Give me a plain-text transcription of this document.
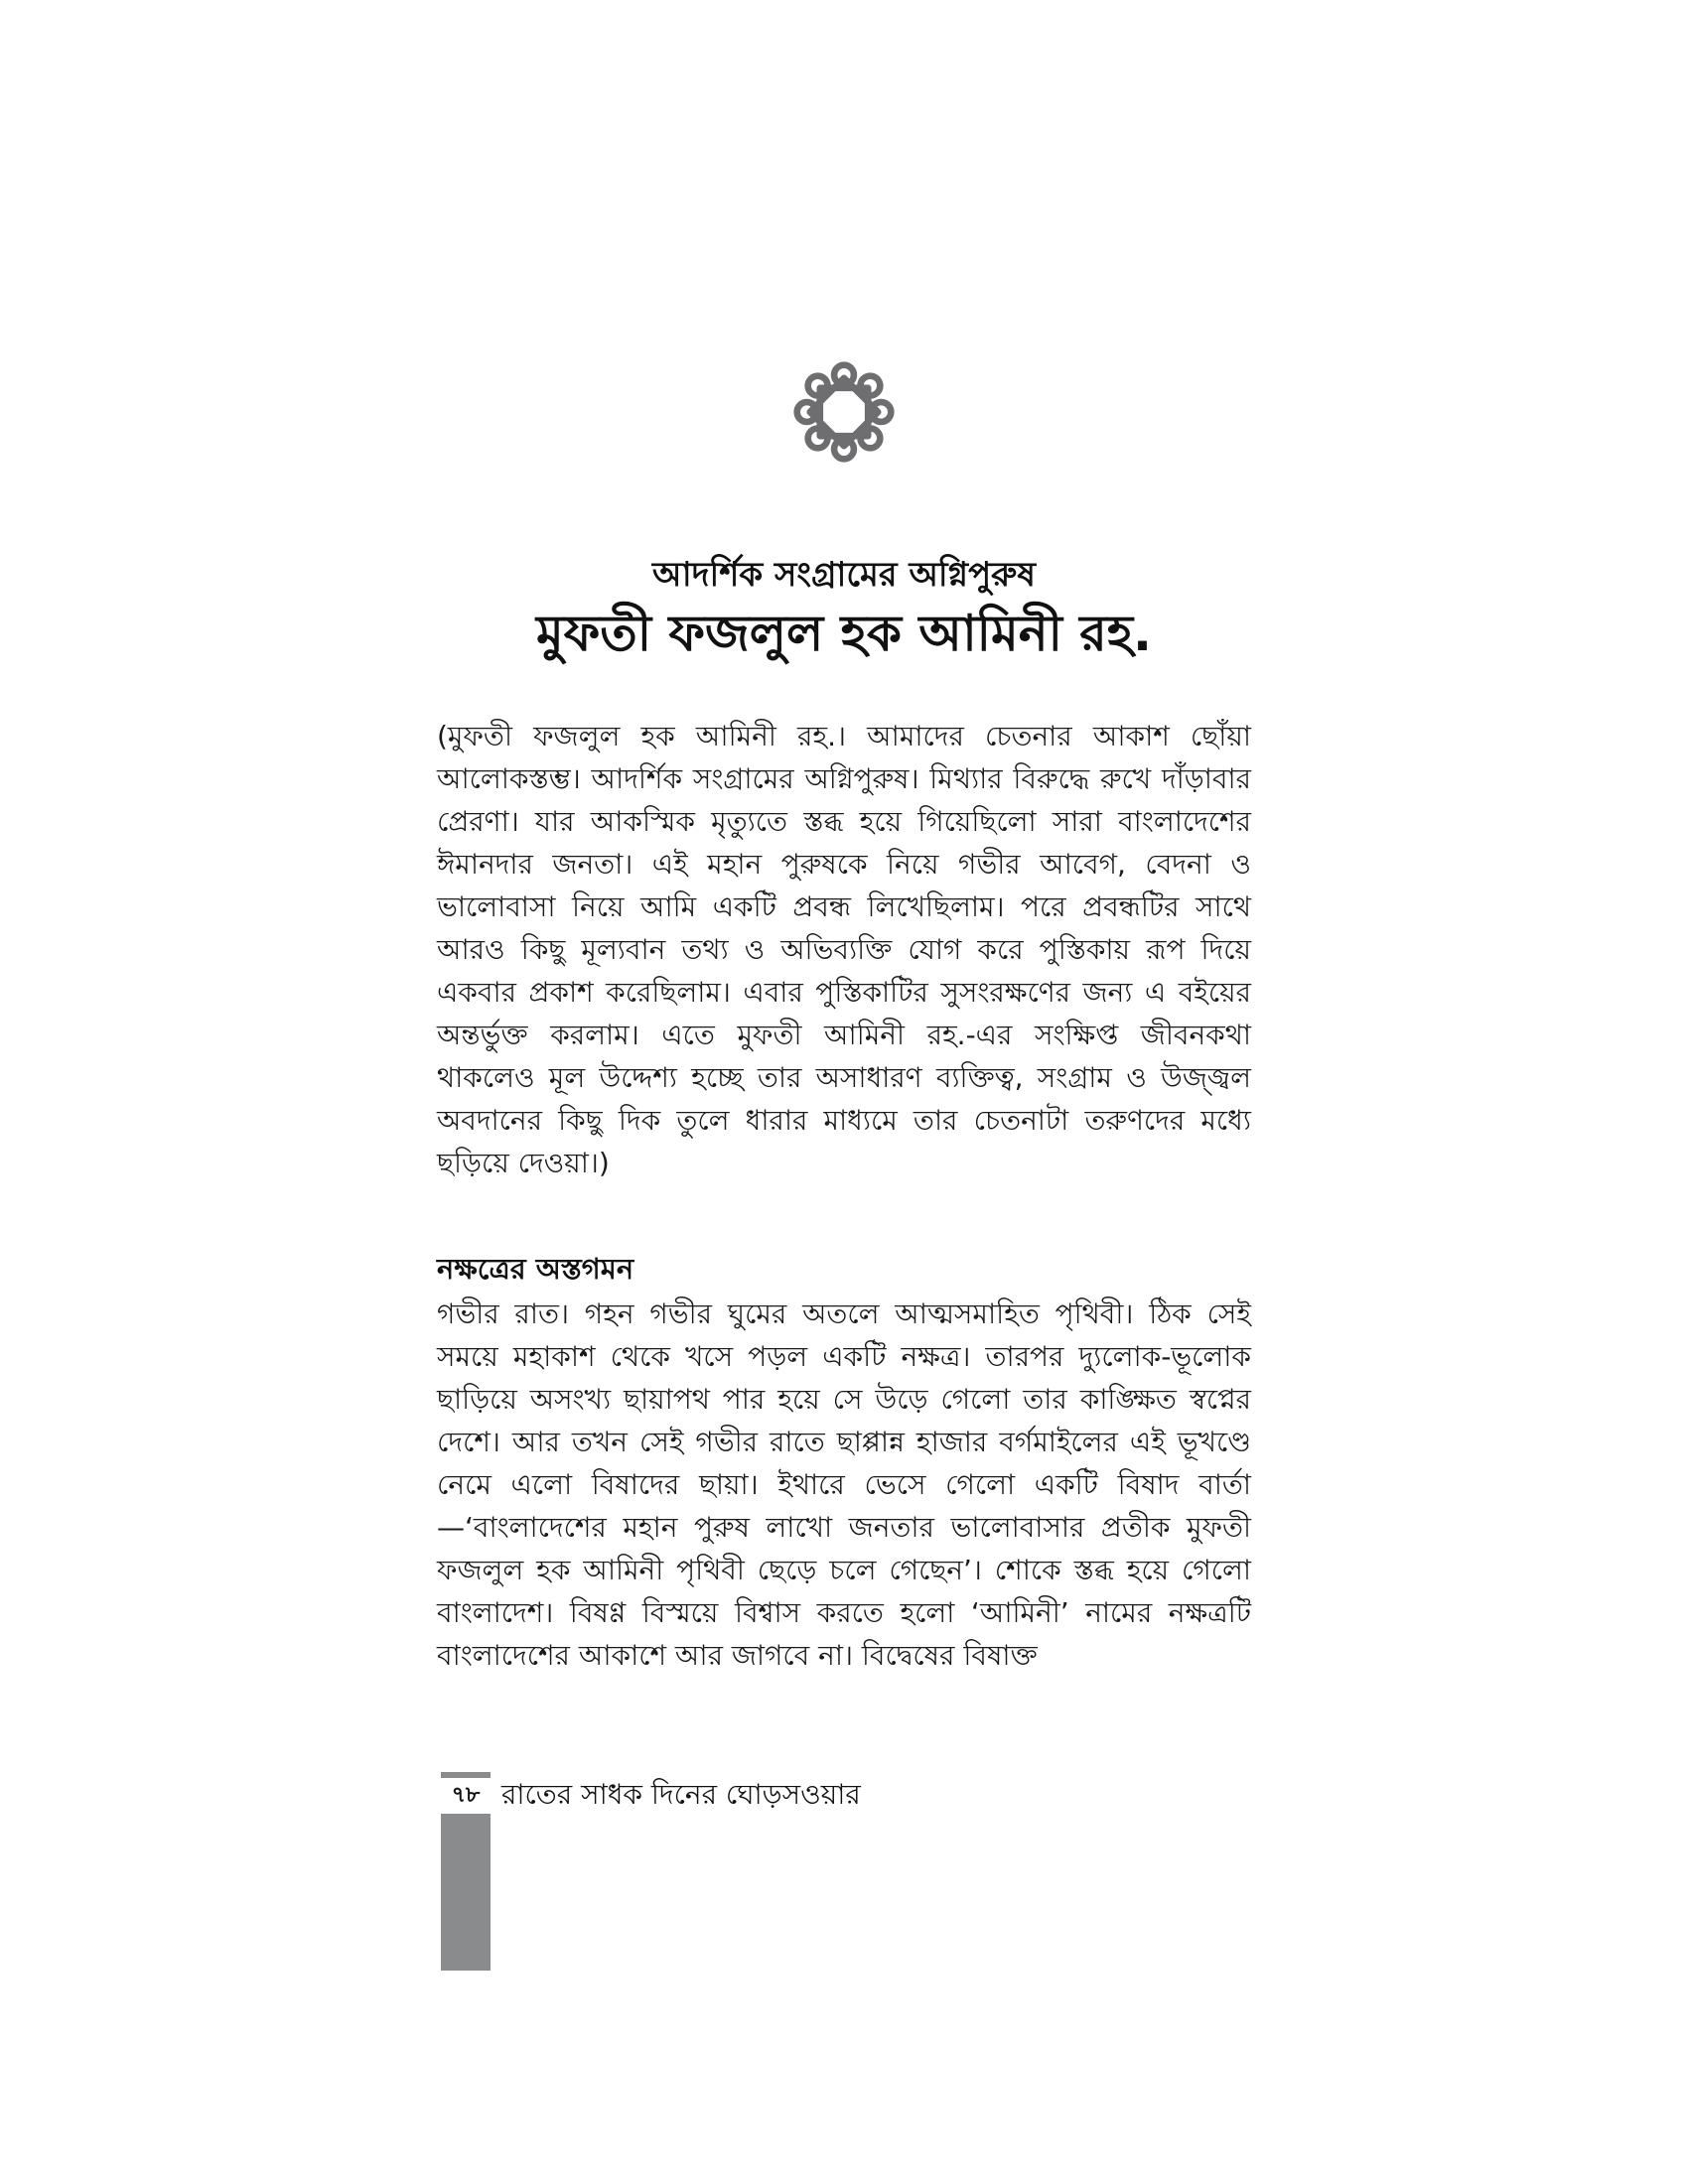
আদর্শিক সংগ্রামের অগ্নিপুরুষ
মুফতী ফজলুল হক আমিনী রহ.

(মুফতী ফজলুল হক আমিনী রহ.। আমাদের চেতনার আকাশ ছোঁয়া আলোকস্তম্ভ। আদর্শিক সংগ্রামের অগ্নিপুরুষ। মিথ্যার বিরুদ্ধে রুখে দাঁড়াবার প্রেরণা। যার আকস্মিক মৃত্যুতে স্তব্ধ হয়ে গিয়েছিলো সারা বাংলাদেশের ঈমানদার জনতা। এই মহান পুরুষকে নিয়ে গভীর আবেগ, বেদনা ও ভালোবাসা নিয়ে আমি একটি প্রবন্ধ লিখেছিলাম। পরে প্রবন্ধটির সাথে আরও কিছু মূল্যবান তথ্য ও অভিব্যক্তি যোগ করে পুস্তিকায় রূপ দিয়ে একবার প্রকাশ করেছিলাম। এবার পুস্তিকাটির সুসংরক্ষণের জন্য এ বইয়ের অন্তর্ভুক্ত করলাম। এতে মুফতী আমিনী রহ.-এর সংক্ষিপ্ত জীবনকথা থাকলেও মূল উদ্দেশ্য হচ্ছে তার অসাধারণ ব্যক্তিত্ব, সংগ্রাম ও উজ্জ্বল অবদানের কিছু দিক তুলে ধারার মাধ্যমে তার চেতনাটা তরুণদের মধ্যে ছড়িয়ে দেওয়া।)

নক্ষত্রের অস্তগমন

গভীর রাত। গহন গভীর ঘুমের অতলে আত্মসমাহিত পৃথিবী। ঠিক সেই সময়ে মহাকাশ থেকে খসে পড়ল একটি নক্ষত্র। তারপর দ্যুলোক-ভূলোক ছাড়িয়ে অসংখ্য ছায়াপথ পার হয়ে সে উড়ে গেলো তার কাঙ্ক্ষিত স্বপ্নের দেশে। আর তখন সেই গভীর রাতে ছাপ্পান্ন হাজার বর্গমাইলের এই ভূখণ্ডে নেমে এলো বিষাদের ছায়া। ইথারে ভেসে গেলো একটি বিষাদ বার্তা—‘বাংলাদেশের মহান পুরুষ লাখো জনতার ভালোবাসার প্রতীক মুফতী ফজলুল হক আমিনী পৃথিবী ছেড়ে চলে গেছেন’। শোকে স্তব্ধ হয়ে গেলো বাংলাদেশ। বিষণ্ণ বিস্ময়ে বিশ্বাস করতে হলো ‘আমিনী’ নামের নক্ষত্রটি বাংলাদেশের আকাশে আর জাগবে না। বিদ্বেষের বিষাক্ত

৭৮ রাতের সাধক দিনের ঘোড়সওয়ার
